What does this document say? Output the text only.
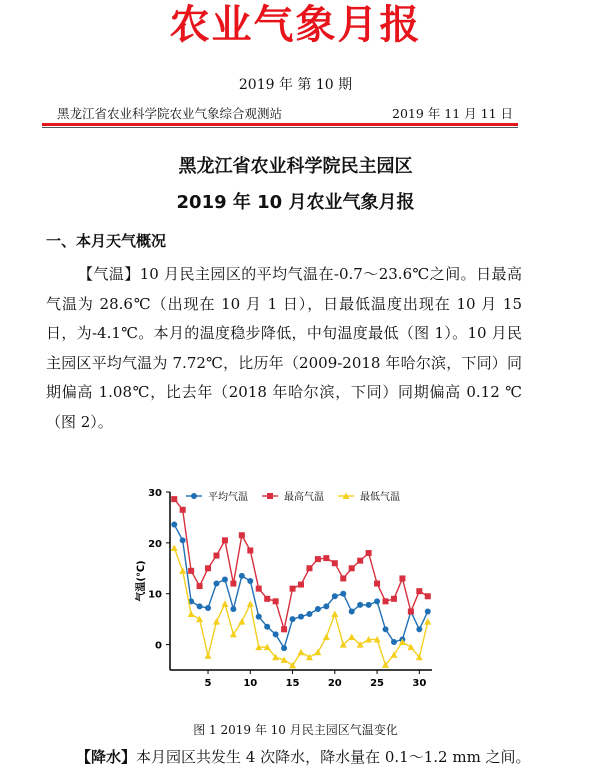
农业气象月报
2019 年 第 10 期
黑龙江省农业科学院农业气象综合观测站	2019 年 11 月 11 日
黑龙江省农业科学院民主园区
2019 年 10 月农业气象月报
一、本月天气概况
【气温】10 月民主园区的平均气温在-0.7～23.6℃之间。日最高气温为 28.6℃（出现在 10 月 1 日），日最低温度出现在 10 月 15 日，为-4.1℃。本月的温度稳步降低，中旬温度最低（图 1）。10 月民主园区平均气温为 7.72℃，比历年（2009-2018 年哈尔滨，下同）同期偏高 1.08℃，比去年（2018 年哈尔滨，下同）同期偏高 0.12 ℃（图 2）。
0
10
20
30
5	10	15	20	25	30
气温(℃)
平均气温	最高气温	最低气温
图 1 2019 年 10 月民主园区气温变化
【降水】本月园区共发生 4 次降水，降水量在 0.1～1.2 mm 之间。
